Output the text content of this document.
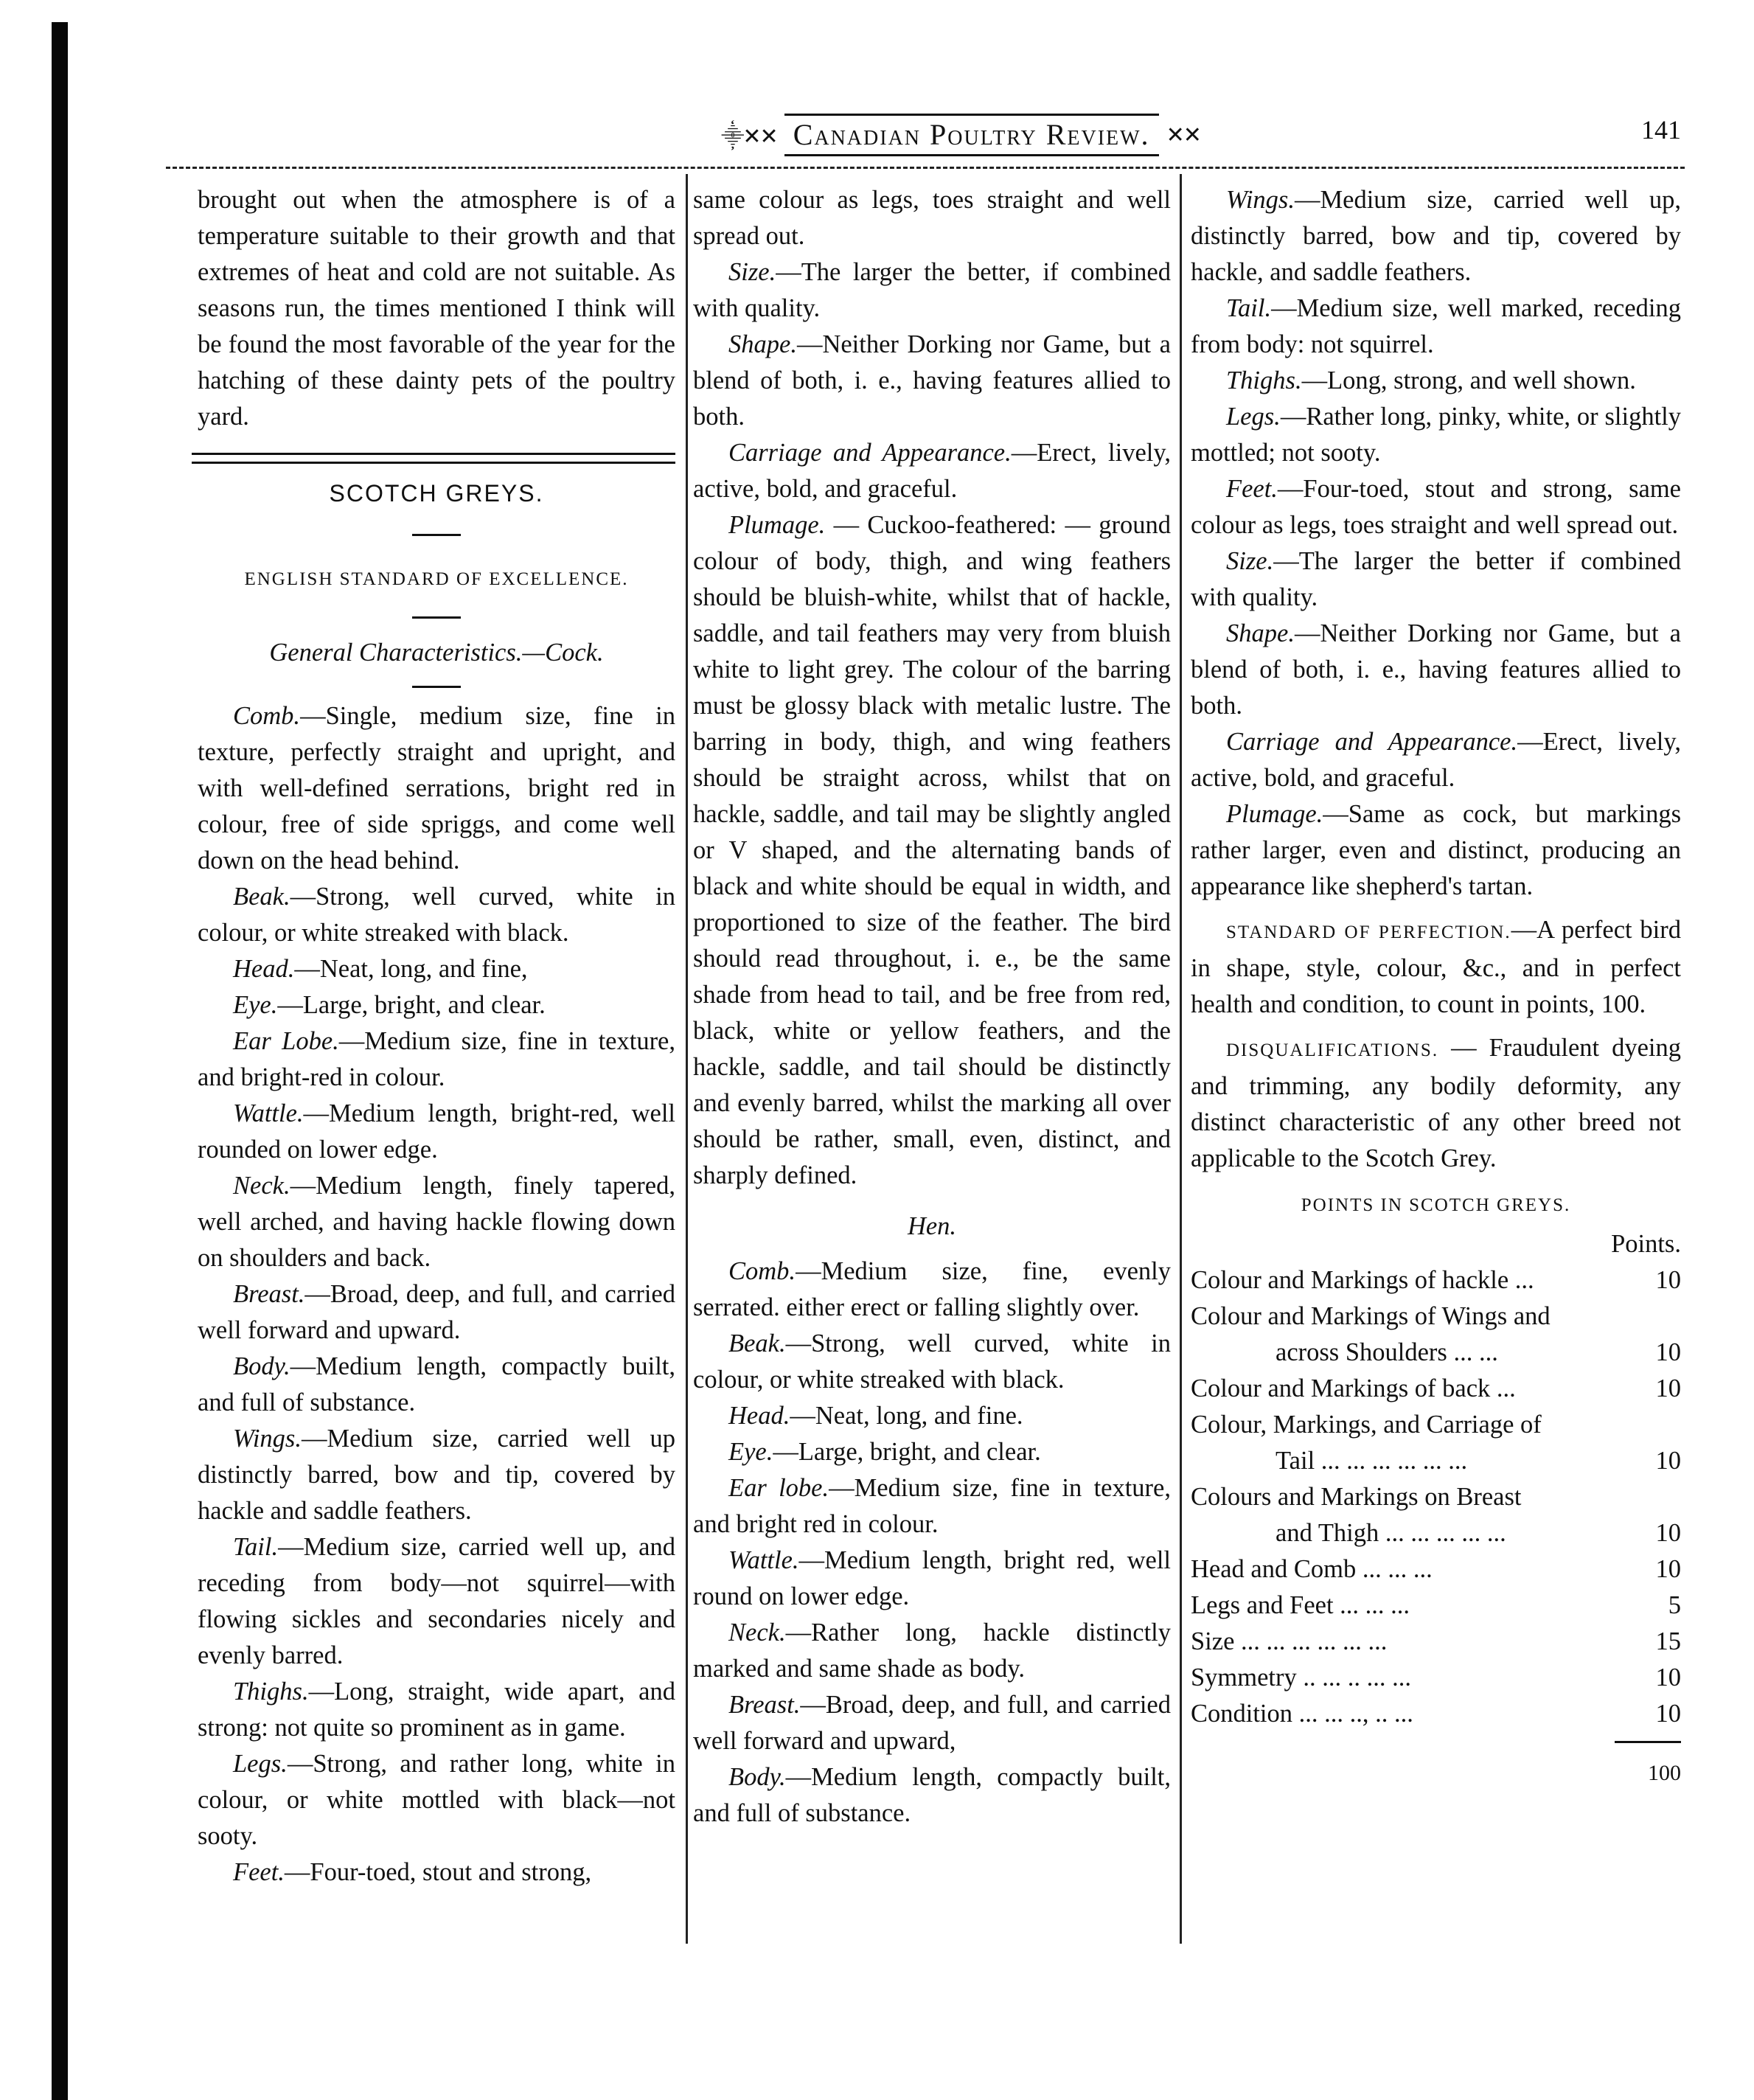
⸎✕✕ Canadian Poultry Review. ✕✕	141

brought out when the atmosphere is of a temperature suitable to their growth and that extremes of heat and cold are not suitable. As seasons run, the times mentioned I think will be found the most favorable of the year for the hatching of these dainty pets of the poultry yard.

SCOTCH GREYS.
ENGLISH STANDARD OF EXCELLENCE.
General Characteristics.—Cock.

Comb.—Single, medium size, fine in texture, perfectly straight and upright, and with well-defined serrations, bright red in colour, free of side spriggs, and come well down on the head behind.

Beak.—Strong, well curved, white in colour, or white streaked with black.

Head.—Neat, long, and fine,

Eye.—Large, bright, and clear.

Ear Lobe.—Medium size, fine in texture, and bright-red in colour.

Wattle.—Medium length, bright-red, well rounded on lower edge.

Neck.—Medium length, finely tapered, well arched, and having hackle flowing down on shoulders and back.

Breast.—Broad, deep, and full, and carried well forward and upward.

Body.—Medium length, compactly built, and full of substance.

Wings.—Medium size, carried well up distinctly barred, bow and tip, covered by hackle and saddle feathers.

Tail.—Medium size, carried well up, and receding from body—not squirrel—with flowing sickles and secondaries nicely and evenly barred.

Thighs.—Long, straight, wide apart, and strong: not quite so prominent as in game.

Legs.—Strong, and rather long, white in colour, or white mottled with black—not sooty.

Feet.—Four-toed, stout and strong,

same colour as legs, toes straight and well spread out.

Size.—The larger the better, if combined with quality.

Shape.—Neither Dorking nor Game, but a blend of both, i. e., having features allied to both.

Carriage and Appearance.—Erect, lively, active, bold, and graceful.

Plumage. — Cuckoo-feathered: — ground colour of body, thigh, and wing feathers should be bluish-white, whilst that of hackle, saddle, and tail feathers may very from bluish white to light grey. The colour of the barring must be glossy black with metalic lustre. The barring in body, thigh, and wing feathers should be straight across, whilst that on hackle, saddle, and tail may be slightly angled or V shaped, and the alternating bands of black and white should be equal in width, and proportioned to size of the feather. The bird should read throughout, i. e., be the same shade from head to tail, and be free from red, black, white or yellow feathers, and the hackle, saddle, and tail should be distinctly and evenly barred, whilst the marking all over should be rather, small, even, distinct, and sharply defined.

Hen.

Comb.—Medium size, fine, evenly serrated. either erect or falling slightly over.

Beak.—Strong, well curved, white in colour, or white streaked with black.

Head.—Neat, long, and fine.

Eye.—Large, bright, and clear.

Ear lobe.—Medium size, fine in texture, and bright red in colour.

Wattle.—Medium length, bright red, well round on lower edge.

Neck.—Rather long, hackle distinctly marked and same shade as body.

Breast.—Broad, deep, and full, and carried well forward and upward,

Body.—Medium length, compactly built, and full of substance.

Wings.—Medium size, carried well up, distinctly barred, bow and tip, covered by hackle, and saddle feathers.

Tail.—Medium size, well marked, receding from body: not squirrel.

Thighs.—Long, strong, and well shown.

Legs.—Rather long, pinky, white, or slightly mottled; not sooty.

Feet.—Four-toed, stout and strong, same colour as legs, toes straight and well spread out.

Size.—The larger the better if combined with quality.

Shape.—Neither Dorking nor Game, but a blend of both, i. e., having features allied to both.

Carriage and Appearance.—Erect, lively, active, bold, and graceful.

Plumage.—Same as cock, but markings rather larger, even and distinct, producing an appearance like shepherd's tartan.

STANDARD OF PERFECTION.—A perfect bird in shape, style, colour, &c., and in perfect health and condition, to count in points, 100.

DISQUALIFICATIONS. — Fraudulent dyeing and trimming, any bodily deformity, any distinct characteristic of any other breed not applicable to the Scotch Grey.

POINTS IN SCOTCH GREYS.
Points.
Colour and Markings of hackle ...	10
Colour and Markings of Wings and	
across Shoulders ... ...	10
Colour and Markings of back ...	10
Colour, Markings, and Carriage of	
Tail ... ... ... ... ... ...	10
Colours and Markings on Breast	
and Thigh ... ... ... ... ...	10
Head and Comb ... ... ...	10
Legs and Feet ... ... ...	5
Size ... ... ... ... ... ...	15
Symmetry .. ... .. ... ...	10
Condition ... ... .., .. ...	10
100
